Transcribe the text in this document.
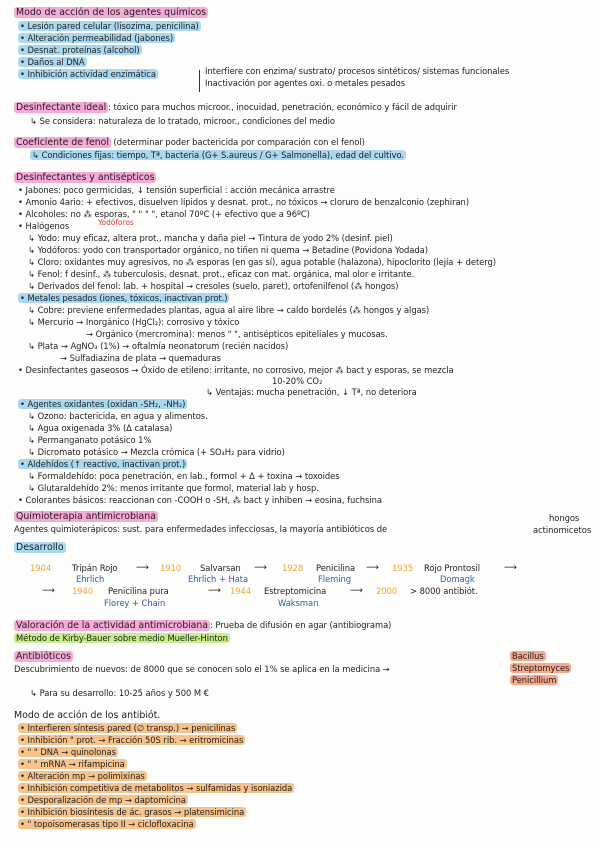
Modo de acción de los agentes químicos
• Lesión pared celular (lisozima, penicilina)
• Alteración permeabilidad (jabones)
• Desnat. proteínas (alcohol)
• Daños al DNA
• Inhibición actividad enzimática	Interfiere con enzima/ sustrato/ procesos sintéticos/ sistemas funcionales
Inactivación por agentes oxi. o metales pesados
Desinfectante ideal : tóxico para muchos microor., inocuidad, penetración, económico y fácil de adquirir
↳ Se considera: naturaleza de lo tratado, microor., condiciones del medio
Coeficiente de fenol (determinar poder bactericida por comparación con el fenol)
↳ Condiciones fijas: tiempo, Tª, bacteria (G+ S.aureus / G+ Salmonella), edad del cultivo.
Desinfectantes y antisépticos
• Jabones: poco germicidas, ↓ tensión superficial : acción mecánica arrastre
• Amonio 4ario: + efectivos, disuelven lípidos y desnat. prot., no tóxicos → cloruro de benzalconio (zephiran)
• Alcoholes: no ⁂ esporas, " " " ", etanol 70ºC (+ efectivo que a 96ºC)
• Halógenos	Yodóforos
↳ Yodo: muy eficaz, altera prot., mancha y daña piel → Tintura de yodo 2% (desinf. piel)
↳ Yodóforos: yodo con transportador orgánico, no tiñen ni quema → Betadine (Povidona Yodada)
↳ Cloro: oxidantes muy agresivos, no ⁂ esporas (en gas sí), agua potable (halazona), hipoclorito (lejía + deterg)
↳ Fenol: f desinf., ⁂ tuberculosis, desnat. prot., eficaz con mat. orgánica, mal olor e irritante.
↳ Derivados del fenol: lab. + hospital → cresoles (suelo, paret), ortofenilfenol (⁂ hongos)
• Metales pesados (iones, tóxicos, inactivan prot.)
↳ Cobre: previene enfermedades plantas, agua al aire libre → caldo bordelés (⁂ hongos y algas)
↳ Mercurio → Inorgánico (HgCl₂): corrosivo y tóxico
→ Orgánico (mercromina): menos " ", antisépticos epiteliales y mucosas.
↳ Plata → AgNO₃ (1%) → oftalmía neonatorum (recién nacidos)
→ Sulfadiazina de plata → quemaduras
• Desinfectantes gaseosos → Óxido de etileno: irritante, no corrosivo, mejor ⁂ bact y esporas, se mezcla
10-20% CO₂
↳ Ventajas: mucha penetración, ↓ Tª, no deteriora
• Agentes oxidantes (oxidan -SH₂, -NH₂)
↳ Ozono: bactericida, en agua y alimentos.
↳ Agua oxigenada 3% (Δ catalasa)
↳ Permanganato potásico 1%
↳ Dicromato potásico → Mezcla crómica (+ SO₄H₂ para vidrio)
• Aldehídos (↑ reactivo, inactivan prot.)
↳ Formaldehído: poca penetración, en lab., formol + Δ + toxina → toxoides
↳ Glutaraldehído 2%: menos irritante que formol, material lab y hosp.
• Colorantes básicos: reaccionan con -COOH o -SH, ⁂ bact y inhiben → eosina, fuchsina
Quimioterapia antimicrobiana
Agentes quimioterápicos: sust. para enfermedades infecciosas, la mayoría antibióticos de
hongos
actinomicetos
Desarrollo
1904 Tripán Rojo
Ehrlich
⟶ 1910 Salvarsan
Ehrlich + Hata
⟶ 1928 Penicilina
Fleming
⟶ 1935 Rojo Prontosil
Domagk
⟶
⟶ 1940 Penicilina pura
Florey + Chain
⟶ 1944 Estreptomicina
Waksman
⟶ 2000 > 8000 antibiót.
Valoración de la actividad antimicrobiana : Prueba de difusión en agar (antibiograma)
Método de Kirby-Bauer sobre medio Mueller-Hinton
Antibióticos
Descubrimiento de nuevos: de 8000 que se conocen solo el 1% se aplica en la medicina →
Bacillus
Streptomyces
Penicillium
↳ Para su desarrollo: 10-25 años y 500 M €
Modo de acción de los antibiót.
• Interfieren síntesis pared (∅ transp.) → penicilinas
• Inhibición " prot. → Fracción 50S rib. → eritromicinas
• " " DNA → quinolonas
• " " mRNA → rifampicina
• Alteración mp → polimixinas
• Inhibición competitiva de metabolitos → sulfamidas y isoniazida
• Desporalización de mp → daptomicina
• Inhibición biosíntesis de ác. grasos → platensimicina
• " topoisomerasas tipo II → ciclofloxacina
